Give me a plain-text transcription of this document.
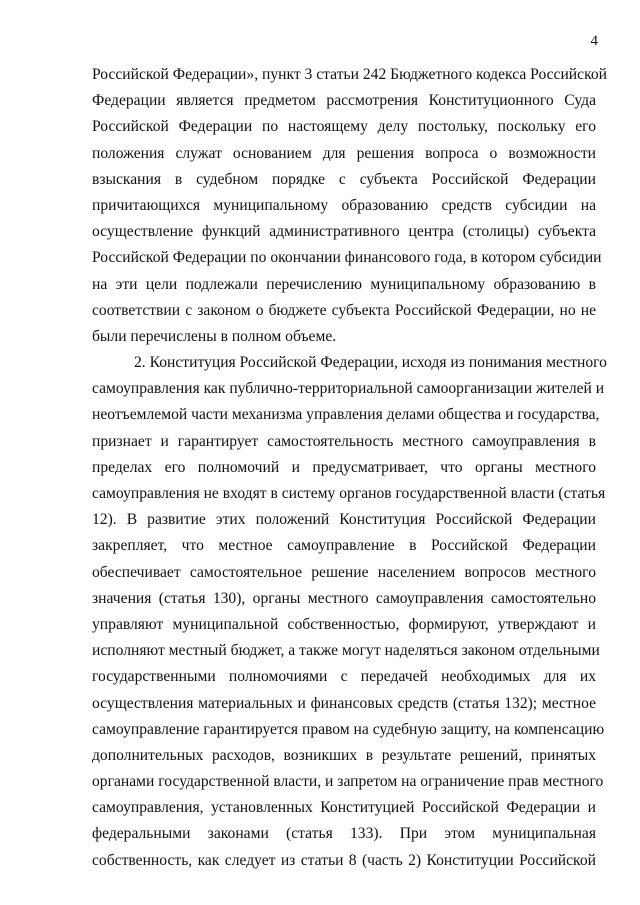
4
Российской Федерации», пункт 3 статьи 242 Бюджетного кодекса Российской
Федерации является предметом рассмотрения Конституционного Суда
Российской Федерации по настоящему делу постольку, поскольку его
положения служат основанием для решения вопроса о возможности
взыскания в судебном порядке с субъекта Российской Федерации
причитающихся муниципальному образованию средств субсидии на
осуществление функций административного центра (столицы) субъекта
Российской Федерации по окончании финансового года, в котором субсидии
на эти цели подлежали перечислению муниципальному образованию в
соответствии с законом о бюджете субъекта Российской Федерации, но не
были перечислены в полном объеме.
2. Конституция Российской Федерации, исходя из понимания местного
самоуправления как публично-территориальной самоорганизации жителей и
неотъемлемой части механизма управления делами общества и государства,
признает и гарантирует самостоятельность местного самоуправления в
пределах его полномочий и предусматривает, что органы местного
самоуправления не входят в систему органов государственной власти (статья
12). В развитие этих положений Конституция Российской Федерации
закрепляет, что местное самоуправление в Российской Федерации
обеспечивает самостоятельное решение населением вопросов местного
значения (статья 130), органы местного самоуправления самостоятельно
управляют муниципальной собственностью, формируют, утверждают и
исполняют местный бюджет, а также могут наделяться законом отдельными
государственными полномочиями с передачей необходимых для их
осуществления материальных и финансовых средств (статья 132); местное
самоуправление гарантируется правом на судебную защиту, на компенсацию
дополнительных расходов, возникших в результате решений, принятых
органами государственной власти, и запретом на ограничение прав местного
самоуправления, установленных Конституцией Российской Федерации и
федеральными законами (статья 133). При этом муниципальная
собственность, как следует из статьи 8 (часть 2) Конституции Российской
